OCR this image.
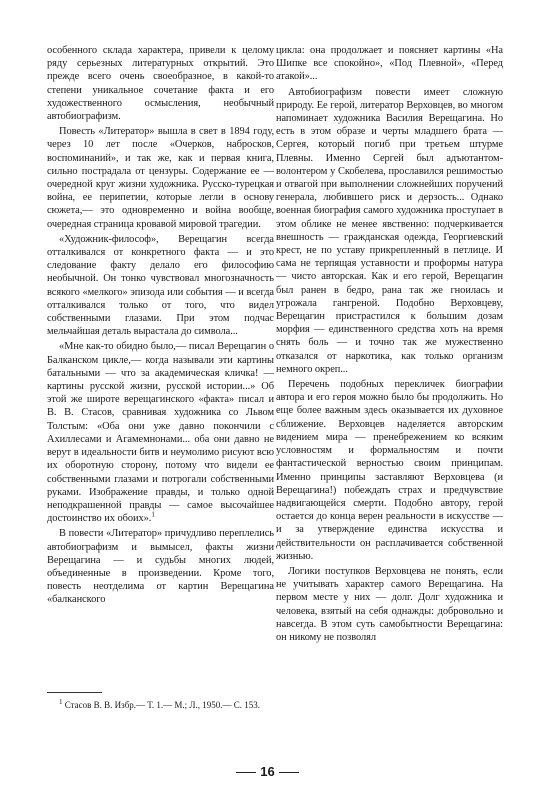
особенного склада характера, привели к целому ряду серьезных литературных открытий. Это прежде всего очень своеобразное, в какой-то степени уникальное сочетание факта и его художественного осмысления, необычный автобиографизм.

Повесть «Литератор» вышла в свет в 1894 году, через 10 лет после «Очерков, набросков, воспоминаний», и так же, как и первая книга, сильно пострадала от цензуры. Содержание ее — очередной круг жизни художника. Русско-турецкая война, ее перипетии, которые легли в основу сюжета,— это одновременно и война вообще, очередная страница кровавой мировой трагедии.

«Художник-философ», Верещагин всегда отталкивался от конкретного факта — и это следование факту делало его философию необычной. Он тонко чувствовал многозначность всякого «мелкого» эпизода или события — и всегда отталкивался только от того, что видел собственными глазами. При этом подчас мельчайшая деталь вырастала до символа...

«Мне как-то обидно было,— писал Верещагин о Балканском цикле,— когда называли эти картины батальными — что за академическая кличка! — картины русской жизни, русской истории...» Об этой же широте верещагинского «факта» писал и В. В. Стасов, сравнивая художника со Львом Толстым: «Оба они уже давно покончили с Ахиллесами и Агамемнонами... оба они давно не верут в идеальности битв и неумолимо рисуют всю их оборотную сторону, потому что видели ее собственными глазами и потрогали собственными руками. Изображение правды, и только одной неподкрашенной правды — самое высочайшее достоинство их обоих».$^1$

В повести «Литератор» причудливо переплелись автобиографизм и вымысел, факты жизни Верещагина — и судьбы многих людей, объединенные в произведении. Кроме того, повесть неотделима от картин Верещагина «балканского

цикла: она продолжает и поясняет картины «На Шипке все спокойно», «Под Плевной», «Перед атакой»...

Автобиографизм повести имеет сложную природу. Ее герой, литератор Верховцев, во многом напоминает художника Василия Верещагина. Но есть в этом образе и черты младшего брата — Сергея, который погиб при третьем штурме Плевны. Именно Сергей был адъютантом-волонтером у Скобелева, прославился решимостью и отвагой при выполнении сложнейших поручений генерала, любившего риск и дерзость... Однако военная биография самого художника проступает в этом облике не менее явственно: подчеркивается внешность — гражданская одежда, Георгиевский крест, не по уставу прикрепленный в петлице. И сама не терпящая уставности и проформы натура — чисто авторская. Как и его герой, Верещагин был ранен в бедро, рана так же гноилась и угрожала гангреной. Подобно Верховцеву, Верещагин пристрастился к большим дозам морфия — единственного средства хоть на время снять боль — и точно так же мужественно отказался от наркотика, как только организм немного окреп...

Перечень подобных перекличек биографии автора и его героя можно было бы продолжить. Но еще более важным здесь оказывается их духовное сближение. Верховцев наделяется авторским видением мира — пренебрежением ко всяким условностям и формальностям и почти фантастической верностью своим принципам. Именно принципы заставляют Верховцева (и Верещагина!) побеждать страх и предчувствие надвигающейся смерти. Подобно автору, герой остается до конца верен реальности в искусстве — и за утверждение единства искусства и действительности он расплачивается собственной жизнью.

Логики поступков Верховцева не понять, если не учитывать характер самого Верещагина. На первом месте у них — долг. Долг художника и человека, взятый на себя однажды: добровольно и навсегда. В этом суть самобытности Верещагина: он никому не позволял

$^1$ Стасов В. В. Избр.— Т. 1.— М.; Л., 1950.— С. 153.
16
